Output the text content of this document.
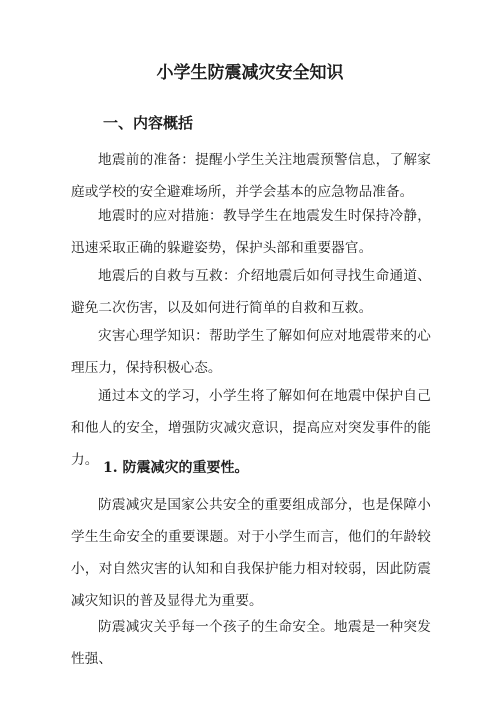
小学生防震减灾安全知识
一、内容概括
地震前的准备：提醒小学生关注地震预警信息，了解家庭或学校的安全避难场所，并学会基本的应急物品准备。
地震时的应对措施：教导学生在地震发生时保持冷静，迅速采取正确的躲避姿势，保护头部和重要器官。
地震后的自救与互救：介绍地震后如何寻找生命通道、避免二次伤害，以及如何进行简单的自救和互救。
灾害心理学知识：帮助学生了解如何应对地震带来的心理压力，保持积极心态。
通过本文的学习，小学生将了解如何在地震中保护自己和他人的安全，增强防灾减灾意识，提高应对突发事件的能力。 1. 防震减灾的重要性。
防震减灾是国家公共安全的重要组成部分，也是保障小学生生命安全的重要课题。对于小学生而言，他们的年龄较小，对自然灾害的认知和自我保护能力相对较弱，因此防震减灾知识的普及显得尤为重要。
防震减灾关乎每一个孩子的生命安全。地震是一种突发性强、
